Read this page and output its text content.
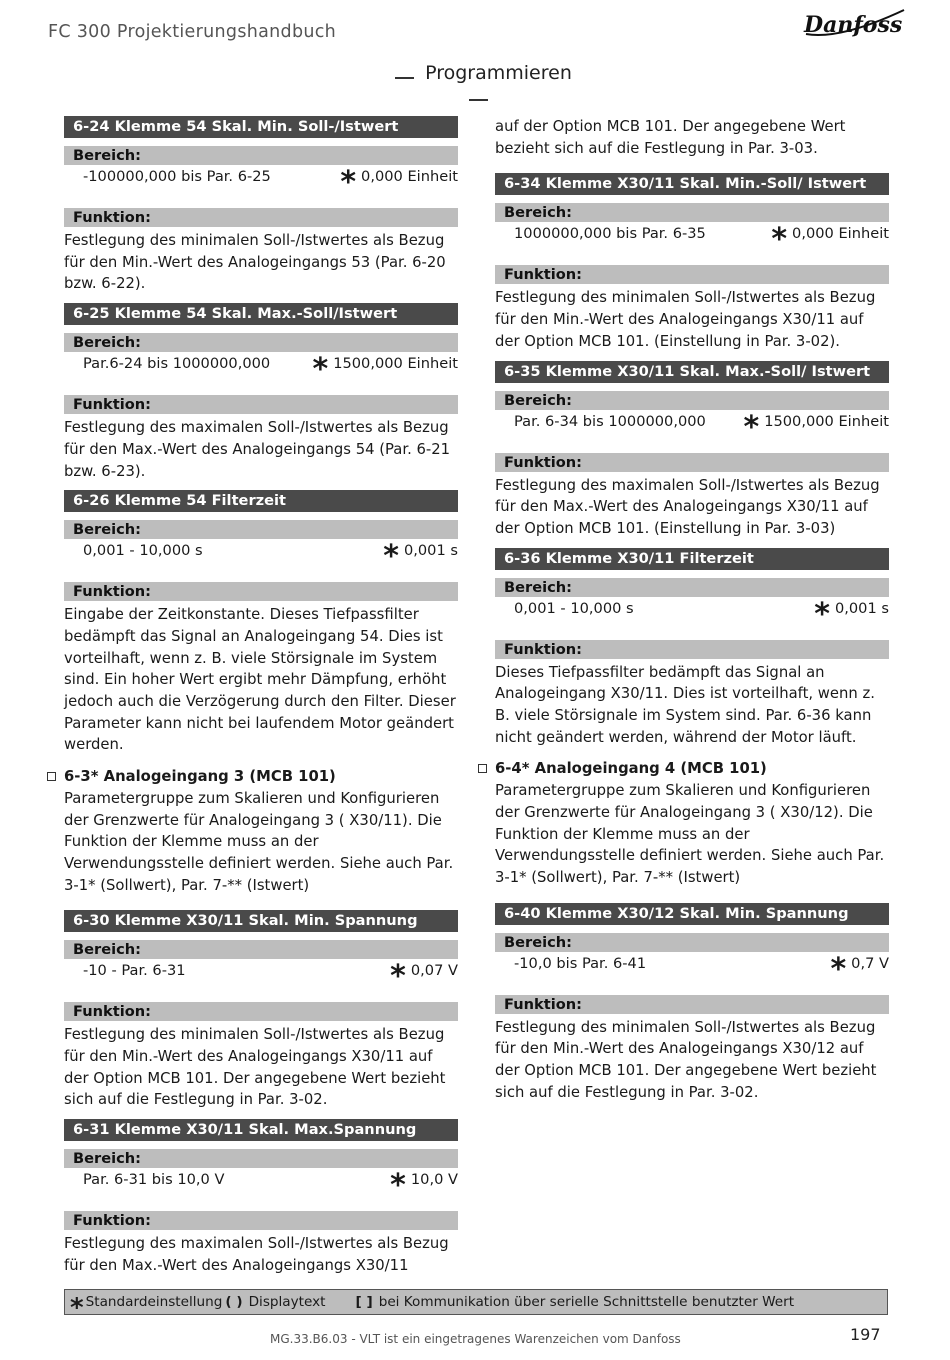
FC 300 Projektierungshandbuch	Danfoss
Programmieren
6-24 Klemme 54 Skal. Min. Soll-/Istwert
Bereich:
-100000,000 bis Par. 6-25 * 0,000 Einheit
Funktion:
Festlegung des minimalen Soll-/Istwertes als Bezug für den Min.-Wert des Analogeingangs 53 (Par. 6-20 bzw. 6-22).
6-25 Klemme 54 Skal. Max.-Soll/Istwert
Bereich:
Par.6-24 bis 1000000,000 * 1500,000 Einheit
Funktion:
Festlegung des maximalen Soll-/Istwertes als Bezug für den Max.-Wert des Analogeingangs 54 (Par. 6-21 bzw. 6-23).
6-26 Klemme 54 Filterzeit
Bereich:
0,001 - 10,000 s	* 0,001 s
Funktion:
Eingabe der Zeitkonstante. Dieses Tiefpassfilter bedämpft das Signal an Analogeingang 54. Dies ist vorteilhaft, wenn z. B. viele Störsignale im System sind. Ein hoher Wert ergibt mehr Dämpfung, erhöht jedoch auch die Verzögerung durch den Filter. Dieser Parameter kann nicht bei laufendem Motor geändert werden.
6-3* Analogeingang 3 (MCB 101)
Parametergruppe zum Skalieren und Konfigurieren der Grenzwerte für Analogeingang 3 ( X30/11). Die Funktion der Klemme muss an der Verwendungsstelle definiert werden. Siehe auch Par. 3-1* (Sollwert), Par. 7-** (Istwert)
6-30 Klemme X30/11 Skal. Min. Spannung
Bereich:
-10 - Par. 6-31	* 0,07 V
Funktion:
Festlegung des minimalen Soll-/Istwertes als Bezug für den Min.-Wert des Analogeingangs X30/11 auf der Option MCB 101. Der angegebene Wert bezieht sich auf die Festlegung in Par. 3-02.
6-31 Klemme X30/11 Skal. Max.Spannung
Bereich:
Par. 6-31 bis 10,0 V	* 10,0 V
Funktion:
Festlegung des maximalen Soll-/Istwertes als Bezug für den Max.-Wert des Analogeingangs X30/11
auf der Option MCB 101. Der angegebene Wert bezieht sich auf die Festlegung in Par. 3-03.
6-34 Klemme X30/11 Skal. Min.-Soll/ Istwert
Bereich:
1000000,000 bis Par. 6-35 * 0,000 Einheit
Funktion:
Festlegung des minimalen Soll-/Istwertes als Bezug für den Min.-Wert des Analogeingangs X30/11 auf der Option MCB 101. (Einstellung in Par. 3-02).
6-35 Klemme X30/11 Skal. Max.-Soll/ Istwert
Bereich:
Par. 6-34 bis 1000000,000 * 1500,000 Einheit
Funktion:
Festlegung des maximalen Soll-/Istwertes als Bezug für den Max.-Wert des Analogeingangs X30/11 auf der Option MCB 101. (Einstellung in Par. 3-03)
6-36 Klemme X30/11 Filterzeit
Bereich:
0,001 - 10,000 s	* 0,001 s
Funktion:
Dieses Tiefpassfilter bedämpft das Signal an Analogeingang X30/11. Dies ist vorteilhaft, wenn z. B. viele Störsignale im System sind. Par. 6-36 kann nicht geändert werden, während der Motor läuft.
6-4* Analogeingang 4 (MCB 101)
Parametergruppe zum Skalieren und Konfigurieren der Grenzwerte für Analogeingang 3 ( X30/12). Die Funktion der Klemme muss an der Verwendungsstelle definiert werden. Siehe auch Par. 3-1* (Sollwert), Par. 7-** (Istwert)
6-40 Klemme X30/12 Skal. Min. Spannung
Bereich:
-10,0 bis Par. 6-41	* 0,7 V
Funktion:
Festlegung des minimalen Soll-/Istwertes als Bezug für den Min.-Wert des Analogeingangs X30/12 auf der Option MCB 101. Der angegebene Wert bezieht sich auf die Festlegung in Par. 3-02.
* Standardeinstellung ( ) Displaytext [ ] bei Kommunikation über serielle Schnittstelle benutzter Wert
MG.33.B6.03 - VLT ist ein eingetragenes Warenzeichen vom Danfoss	197
